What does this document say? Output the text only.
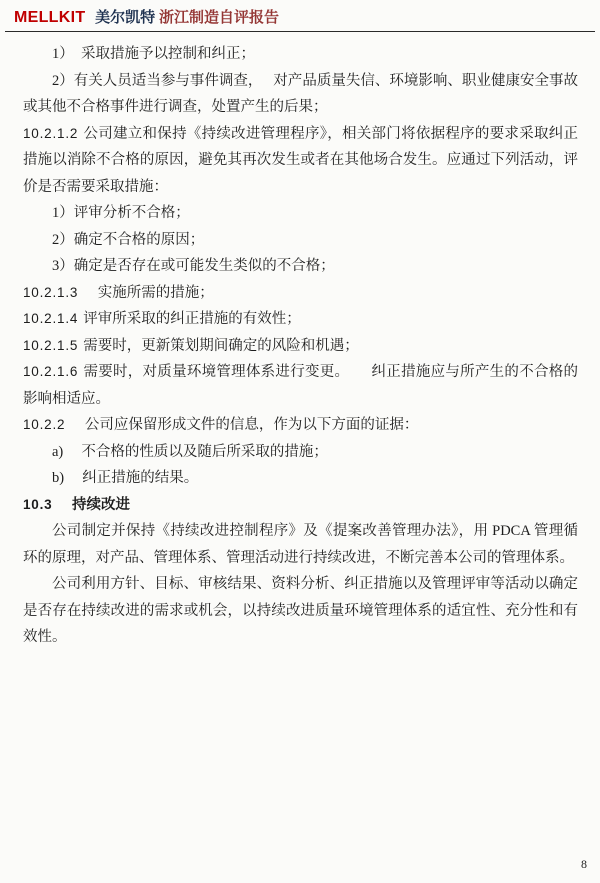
MELLKIT 美尔凯特 浙江制造自评报告

1）　采取措施予以控制和纠正；

2）有关人员适当参与事件调查，　 对产品质量失信、环境影响、职业健康安全事故或其他不合格事件进行调查，处置产生的后果；

10.2.1.2 公司建立和保持《持续改进管理程序》，相关部门将依据程序的要求采取纠正措施以消除不合格的原因，避免其再次发生或者在其他场合发生。应通过下列活动，评价是否需要采取措施：

1）评审分析不合格；

2）确定不合格的原因；

3）确定是否存在或可能发生类似的不合格；

10.2.1.3　实施所需的措施；

10.2.1.4 评审所采取的纠正措施的有效性；

10.2.1.5 需要时，更新策划期间确定的风险和机遇；

10.2.1.6 需要时，对质量环境管理体系进行变更。　　纠正措施应与所产生的不合格的影响相适应。

10.2.2　公司应保留形成文件的信息，作为以下方面的证据：

a)　 不合格的性质以及随后所采取的措施；

b)　 纠正措施的结果。

10.3　持续改进

公司制定并保持《持续改进控制程序》及《提案改善管理办法》，用 PDCA 管理循环的原理，对产品、管理体系、管理活动进行持续改进，不断完善本公司的管理体系。

公司利用方针、目标、审核结果、资料分析、纠正措施以及管理评审等活动以确定是否存在持续改进的需求或机会，以持续改进质量环境管理体系的适宜性、充分性和有效性。

8
